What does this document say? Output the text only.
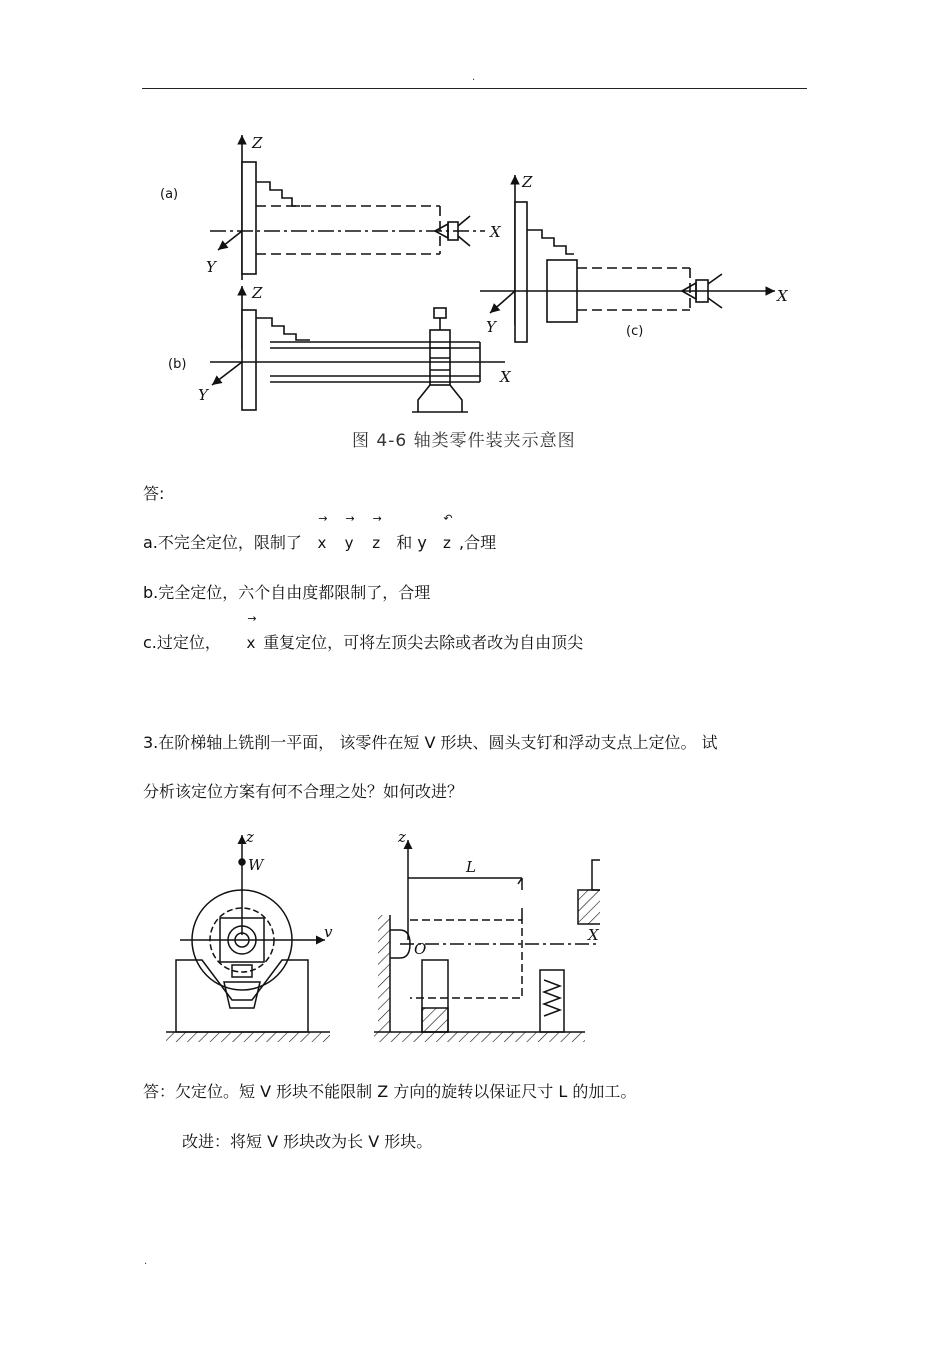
.
Z
(a)
X
Y
Z
(b)
X
Y
Z
(c)
X
Y
图 4-6 轴类零件装夹示意图
答:
a.不完全定位，限制了
→
x
→
y
→
z 和 y
↶
z ,合理
b.完全定位，六个自由度都限制了，合理
c.过定位，
→
x 重复定位，可将左顶尖去除或者改为自由顶尖
3.在阶梯轴上铣削一平面， 该零件在短 V 形块、圆头支钉和浮动支点上定位。 试
分析该定位方案有何不合理之处？如何改进？
z
W
v
z
O
L
X
答：欠定位。短 V 形块不能限制 Z 方向的旋转以保证尺寸 L 的加工。
改进：将短 V 形块改为长 V 形块。
.
